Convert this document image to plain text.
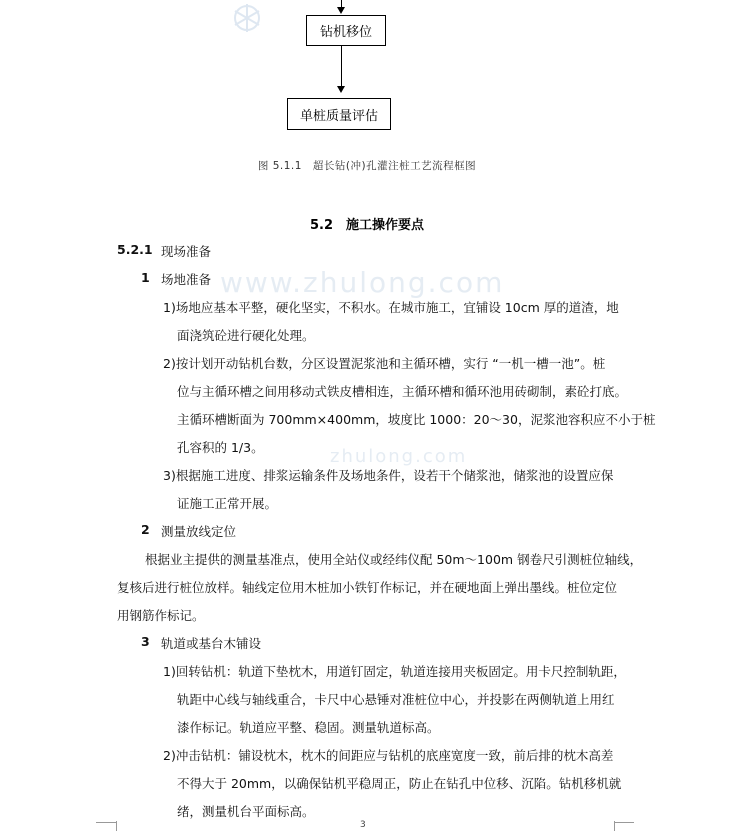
钻机移位
单桩质量评估
图 5.1.1　超长钻(冲)孔灌注桩工艺流程框图
5.2　施工操作要点
www.zhulong.com
zhulong.com
5.2.1 现场准备
1 场地准备
1)场地应基本平整，硬化坚实，不积水。在城市施工，宜铺设 10cm 厚的道渣，地
面浇筑砼进行硬化处理。
2)按计划开动钻机台数，分区设置泥浆池和主循环槽，实行 “一机一槽一池”。桩
位与主循环槽之间用移动式铁皮槽相连，主循环槽和循环池用砖砌制，素砼打底。
主循环槽断面为 700mm×400mm，坡度比 1000：20～30，泥浆池容积应不小于桩
孔容积的 1/3。
3)根据施工进度、排浆运输条件及场地条件，设若干个储浆池，储浆池的设置应保
证施工正常开展。
2 测量放线定位
根据业主提供的测量基准点，使用全站仪或经纬仪配 50m～100m 钢卷尺引测桩位轴线，
复核后进行桩位放样。轴线定位用木桩加小铁钉作标记，并在硬地面上弹出墨线。桩位定位
用钢筋作标记。
3 轨道或基台木铺设
1)回转钻机：轨道下垫枕木，用道钉固定，轨道连接用夹板固定。用卡尺控制轨距，
轨距中心线与轴线重合，卡尺中心悬锤对准桩位中心，并投影在两侧轨道上用红
漆作标记。轨道应平整、稳固。测量轨道标高。
2)冲击钻机：铺设枕木，枕木的间距应与钻机的底座宽度一致，前后排的枕木高差
不得大于 20mm，以确保钻机平稳周正，防止在钻孔中位移、沉陷。钻机移机就
绪，测量机台平面标高。
3
